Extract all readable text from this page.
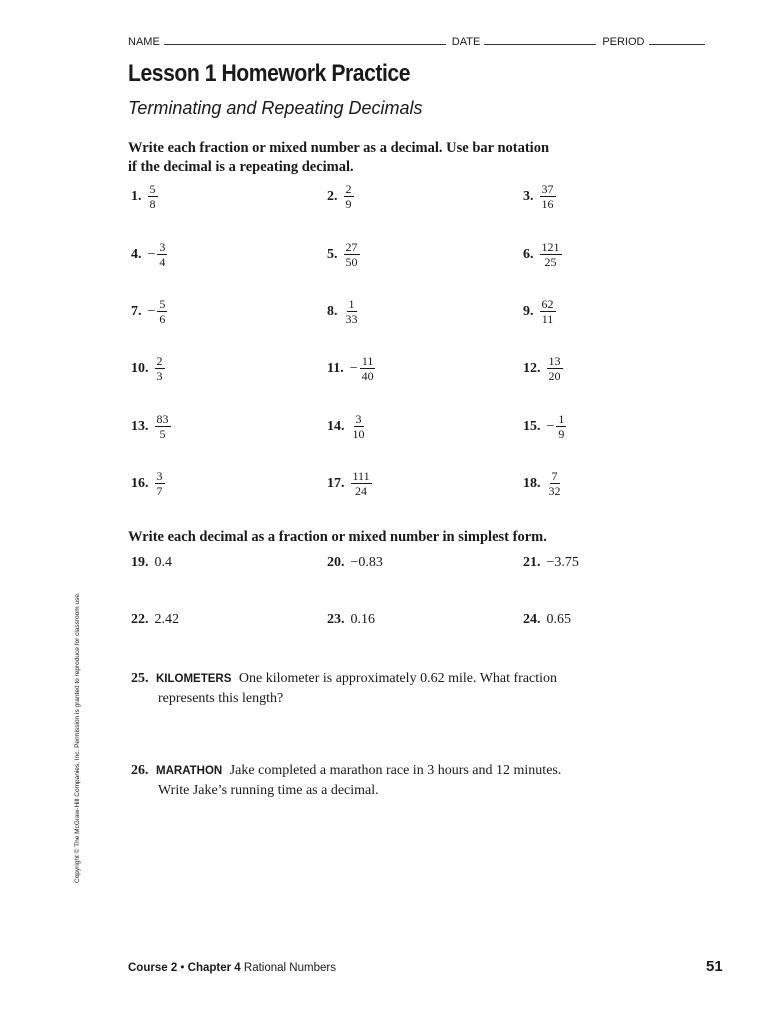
NAME	DATE	PERIOD
Lesson 1 Homework Practice
Terminating and Repeating Decimals
Write each fraction or mixed number as a decimal. Use bar notation
if the decimal is a repeating decimal.
1. $\frac{5}{8}$	2. $\frac{2}{9}$	3. $\frac{37}{16}$
4. − $\frac{3}{4}$	5. $\frac{27}{50}$	6. $\frac{121}{25}$
7. − $\frac{5}{6}$	8. $\frac{1}{33}$	9. $\frac{62}{11}$
10. $\frac{2}{3}$	11. − $\frac{11}{40}$	12. $\frac{13}{20}$
13. $\frac{83}{5}$	14. $\frac{3}{10}$	15. − $\frac{1}{9}$
16. $\frac{3}{7}$	17. $\frac{111}{24}$	18. $\frac{7}{32}$
Write each decimal as a fraction or mixed number in simplest form.
19. 0.4	20. −0.83	21. −3.75
22. 2.42	23. 0.16	24. 0.65
25. KILOMETERS One kilometer is approximately 0.62 mile. What fraction
represents this length?
26. MARATHON Jake completed a marathon race in 3 hours and 12 minutes.
Write Jake’s running time as a decimal.
Copyright © The McGraw-Hill Companies, Inc. Permission is granted to reproduce for classroom use.
Course 2 • Chapter 4 Rational Numbers	51
